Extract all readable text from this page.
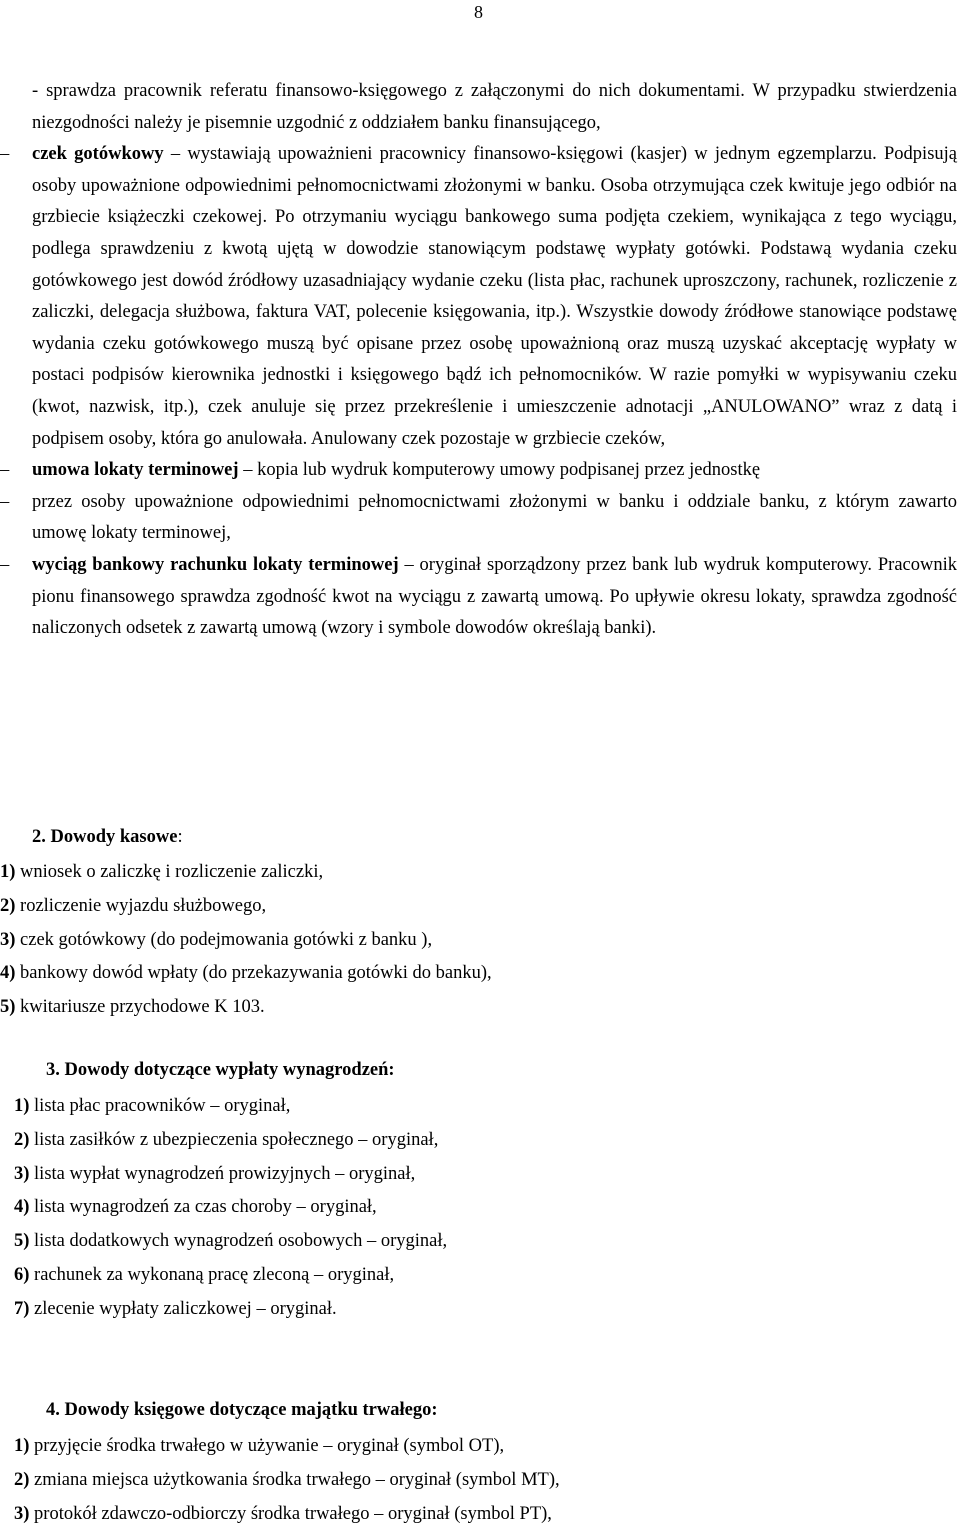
8

- sprawdza pracownik referatu finansowo-księgowego z załączonymi do nich dokumentami. W przypadku stwierdzenia niezgodności należy je pisemnie uzgodnić z oddziałem banku finansującego,

– czek gotówkowy – wystawiają upoważnieni pracownicy finansowo-księgowi (kasjer) w jednym egzemplarzu. Podpisują osoby upoważnione odpowiednimi pełnomocnictwami złożonymi w banku. Osoba otrzymująca czek kwituje jego odbiór na grzbiecie książeczki czekowej. Po otrzymaniu wyciągu bankowego suma podjęta czekiem, wynikająca z tego wyciągu, podlega sprawdzeniu z kwotą ujętą w dowodzie stanowiącym podstawę wypłaty gotówki. Podstawą wydania czeku gotówkowego jest dowód źródłowy uzasadniający wydanie czeku (lista płac, rachunek uproszczony, rachunek, rozliczenie z zaliczki, delegacja służbowa, faktura VAT, polecenie księgowania, itp.). Wszystkie dowody źródłowe stanowiące podstawę wydania czeku gotówkowego muszą być opisane przez osobę upoważnioną oraz muszą uzyskać akceptację wypłaty w postaci podpisów kierownika jednostki i księgowego bądź ich pełnomocników. W razie pomyłki w wypisywaniu czeku (kwot, nazwisk, itp.), czek anuluje się przez przekreślenie i umieszczenie adnotacji „ANULOWANO” wraz z datą i podpisem osoby, która go anulowała. Anulowany czek pozostaje w grzbiecie czeków,
– umowa lokaty terminowej – kopia lub wydruk komputerowy umowy podpisanej przez jednostkę
– przez osoby upoważnione odpowiednimi pełnomocnictwami złożonymi w banku i oddziale banku, z którym zawarto umowę lokaty terminowej,
– wyciąg bankowy rachunku lokaty terminowej – oryginał sporządzony przez bank lub wydruk komputerowy. Pracownik pionu finansowego sprawdza zgodność kwot na wyciągu z zawartą umową. Po upływie okresu lokaty, sprawdza zgodność naliczonych odsetek z zawartą umową (wzory i symbole dowodów określają banki).
2. Dowody kasowe:
1)
wniosek o zaliczkę i rozliczenie zaliczki,
2)
rozliczenie wyjazdu służbowego,
3)
czek gotówkowy (do podejmowania gotówki z banku ),
4)
bankowy dowód wpłaty (do przekazywania gotówki do banku),
5)
kwitariusze przychodowe K 103.
3. Dowody dotyczące wypłaty wynagrodzeń:
1)
lista płac pracowników – oryginał,
2)
lista zasiłków z ubezpieczenia społecznego – oryginał,
3)
lista wypłat wynagrodzeń prowizyjnych – oryginał,
4)
lista wynagrodzeń za czas choroby – oryginał,
5)
lista dodatkowych wynagrodzeń osobowych – oryginał,
6)
rachunek za wykonaną pracę zleconą – oryginał,
7)
zlecenie wypłaty zaliczkowej – oryginał.
4. Dowody księgowe dotyczące majątku trwałego:
1)
przyjęcie środka trwałego w używanie – oryginał (symbol OT),
2)
zmiana miejsca użytkowania środka trwałego – oryginał (symbol MT),
3)
protokół zdawczo-odbiorczy środka trwałego – oryginał (symbol PT),
